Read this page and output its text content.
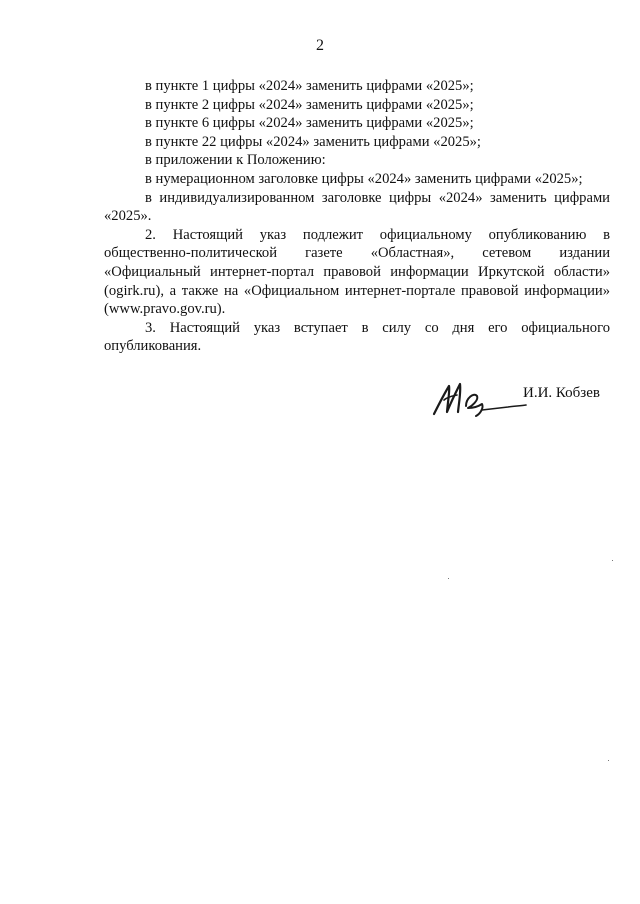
2
в пункте 1 цифры «2024» заменить цифрами «2025»;
в пункте 2 цифры «2024» заменить цифрами «2025»;
в пункте 6 цифры «2024» заменить цифрами «2025»;
в пункте 22 цифры «2024» заменить цифрами «2025»;
в приложении к Положению:
в нумерационном заголовке цифры «2024» заменить цифрами «2025»;
в индивидуализированном заголовке цифры «2024» заменить цифрами
«2025».
2. Настоящий указ подлежит официальному опубликованию в
общественно-политической газете «Областная», сетевом издании
«Официальный интернет-портал правовой информации Иркутской области»
(ogirk.ru), а также на «Официальном интернет-портале правовой информации»
(www.pravo.gov.ru).
3. Настоящий указ вступает в силу со дня его официального
опубликования.
И.И. Кобзев
